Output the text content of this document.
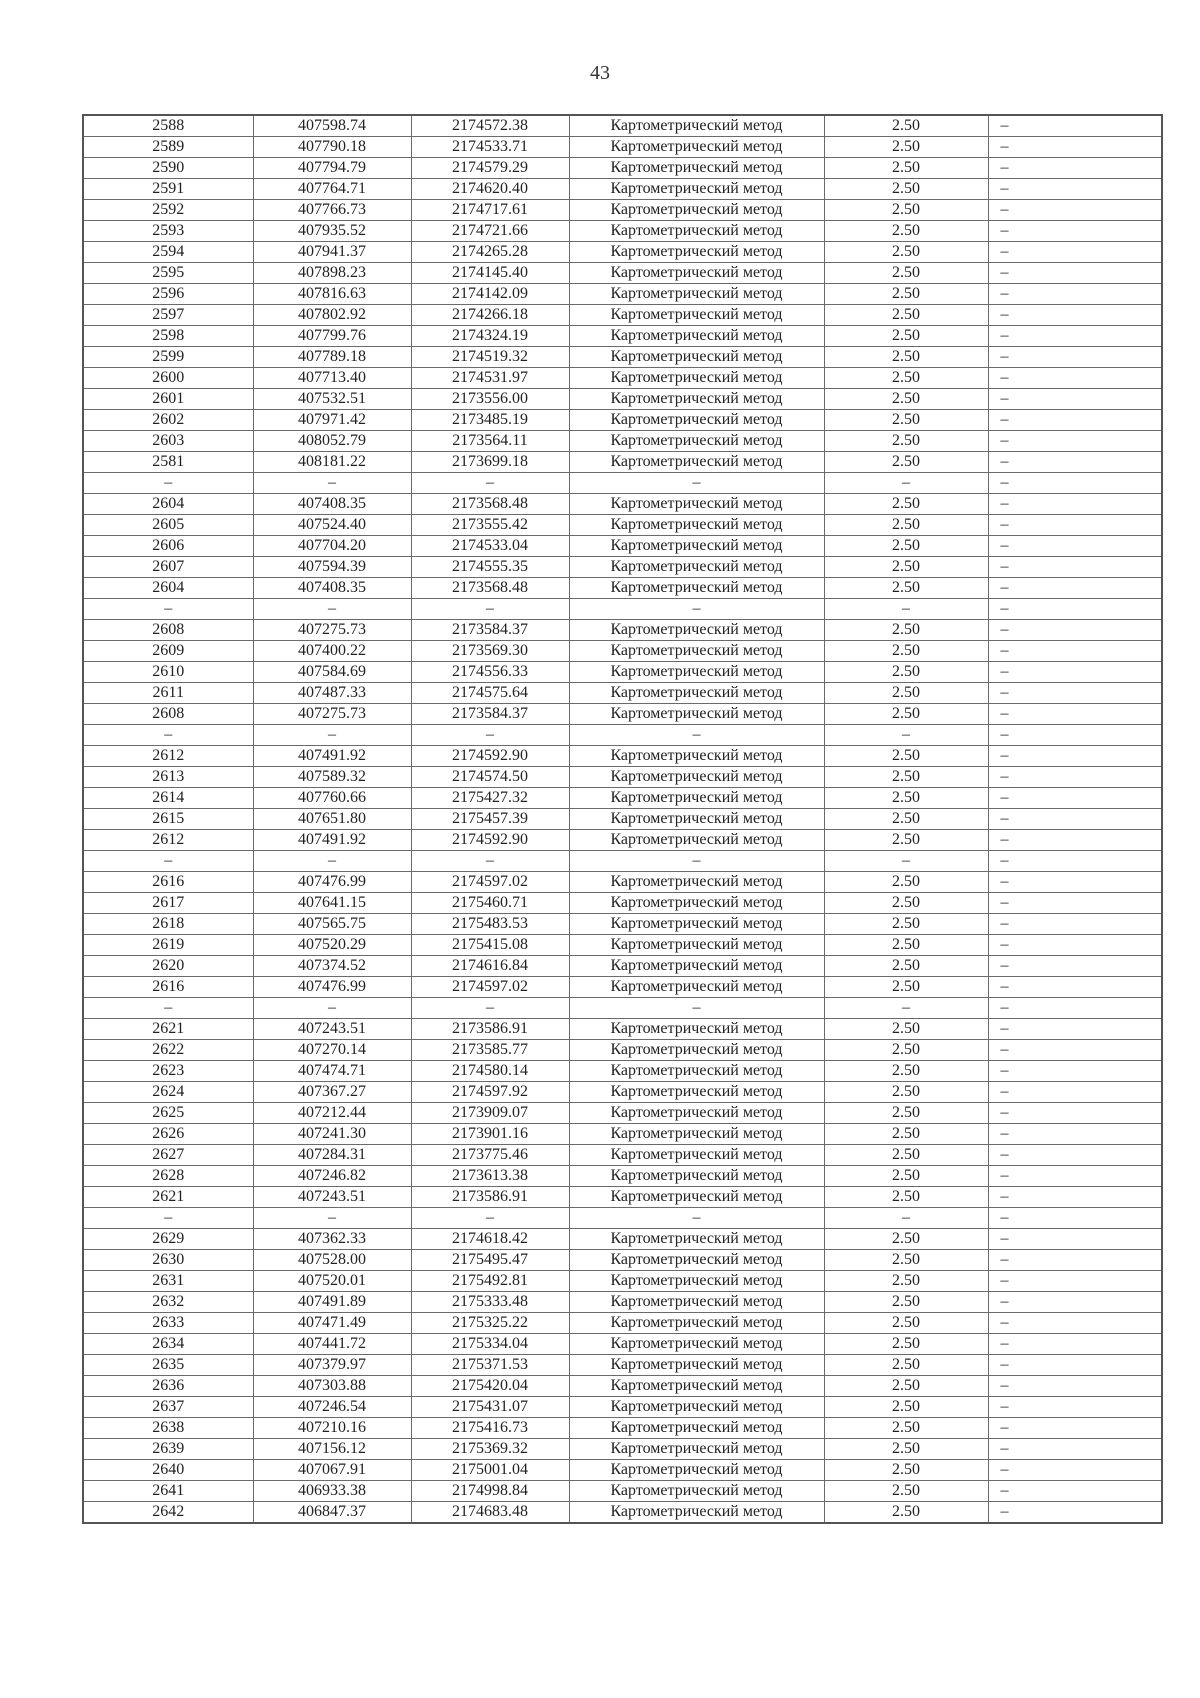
43
2588	407598.74	2174572.38	Картометрический метод	2.50	–
2589	407790.18	2174533.71	Картометрический метод	2.50	–
2590	407794.79	2174579.29	Картометрический метод	2.50	–
2591	407764.71	2174620.40	Картометрический метод	2.50	–
2592	407766.73	2174717.61	Картометрический метод	2.50	–
2593	407935.52	2174721.66	Картометрический метод	2.50	–
2594	407941.37	2174265.28	Картометрический метод	2.50	–
2595	407898.23	2174145.40	Картометрический метод	2.50	–
2596	407816.63	2174142.09	Картометрический метод	2.50	–
2597	407802.92	2174266.18	Картометрический метод	2.50	–
2598	407799.76	2174324.19	Картометрический метод	2.50	–
2599	407789.18	2174519.32	Картометрический метод	2.50	–
2600	407713.40	2174531.97	Картометрический метод	2.50	–
2601	407532.51	2173556.00	Картометрический метод	2.50	–
2602	407971.42	2173485.19	Картометрический метод	2.50	–
2603	408052.79	2173564.11	Картометрический метод	2.50	–
2581	408181.22	2173699.18	Картометрический метод	2.50	–
–	–	–	–	–	–
2604	407408.35	2173568.48	Картометрический метод	2.50	–
2605	407524.40	2173555.42	Картометрический метод	2.50	–
2606	407704.20	2174533.04	Картометрический метод	2.50	–
2607	407594.39	2174555.35	Картометрический метод	2.50	–
2604	407408.35	2173568.48	Картометрический метод	2.50	–
–	–	–	–	–	–
2608	407275.73	2173584.37	Картометрический метод	2.50	–
2609	407400.22	2173569.30	Картометрический метод	2.50	–
2610	407584.69	2174556.33	Картометрический метод	2.50	–
2611	407487.33	2174575.64	Картометрический метод	2.50	–
2608	407275.73	2173584.37	Картометрический метод	2.50	–
–	–	–	–	–	–
2612	407491.92	2174592.90	Картометрический метод	2.50	–
2613	407589.32	2174574.50	Картометрический метод	2.50	–
2614	407760.66	2175427.32	Картометрический метод	2.50	–
2615	407651.80	2175457.39	Картометрический метод	2.50	–
2612	407491.92	2174592.90	Картометрический метод	2.50	–
–	–	–	–	–	–
2616	407476.99	2174597.02	Картометрический метод	2.50	–
2617	407641.15	2175460.71	Картометрический метод	2.50	–
2618	407565.75	2175483.53	Картометрический метод	2.50	–
2619	407520.29	2175415.08	Картометрический метод	2.50	–
2620	407374.52	2174616.84	Картометрический метод	2.50	–
2616	407476.99	2174597.02	Картометрический метод	2.50	–
–	–	–	–	–	–
2621	407243.51	2173586.91	Картометрический метод	2.50	–
2622	407270.14	2173585.77	Картометрический метод	2.50	–
2623	407474.71	2174580.14	Картометрический метод	2.50	–
2624	407367.27	2174597.92	Картометрический метод	2.50	–
2625	407212.44	2173909.07	Картометрический метод	2.50	–
2626	407241.30	2173901.16	Картометрический метод	2.50	–
2627	407284.31	2173775.46	Картометрический метод	2.50	–
2628	407246.82	2173613.38	Картометрический метод	2.50	–
2621	407243.51	2173586.91	Картометрический метод	2.50	–
–	–	–	–	–	–
2629	407362.33	2174618.42	Картометрический метод	2.50	–
2630	407528.00	2175495.47	Картометрический метод	2.50	–
2631	407520.01	2175492.81	Картометрический метод	2.50	–
2632	407491.89	2175333.48	Картометрический метод	2.50	–
2633	407471.49	2175325.22	Картометрический метод	2.50	–
2634	407441.72	2175334.04	Картометрический метод	2.50	–
2635	407379.97	2175371.53	Картометрический метод	2.50	–
2636	407303.88	2175420.04	Картометрический метод	2.50	–
2637	407246.54	2175431.07	Картометрический метод	2.50	–
2638	407210.16	2175416.73	Картометрический метод	2.50	–
2639	407156.12	2175369.32	Картометрический метод	2.50	–
2640	407067.91	2175001.04	Картометрический метод	2.50	–
2641	406933.38	2174998.84	Картометрический метод	2.50	–
2642	406847.37	2174683.48	Картометрический метод	2.50	–
